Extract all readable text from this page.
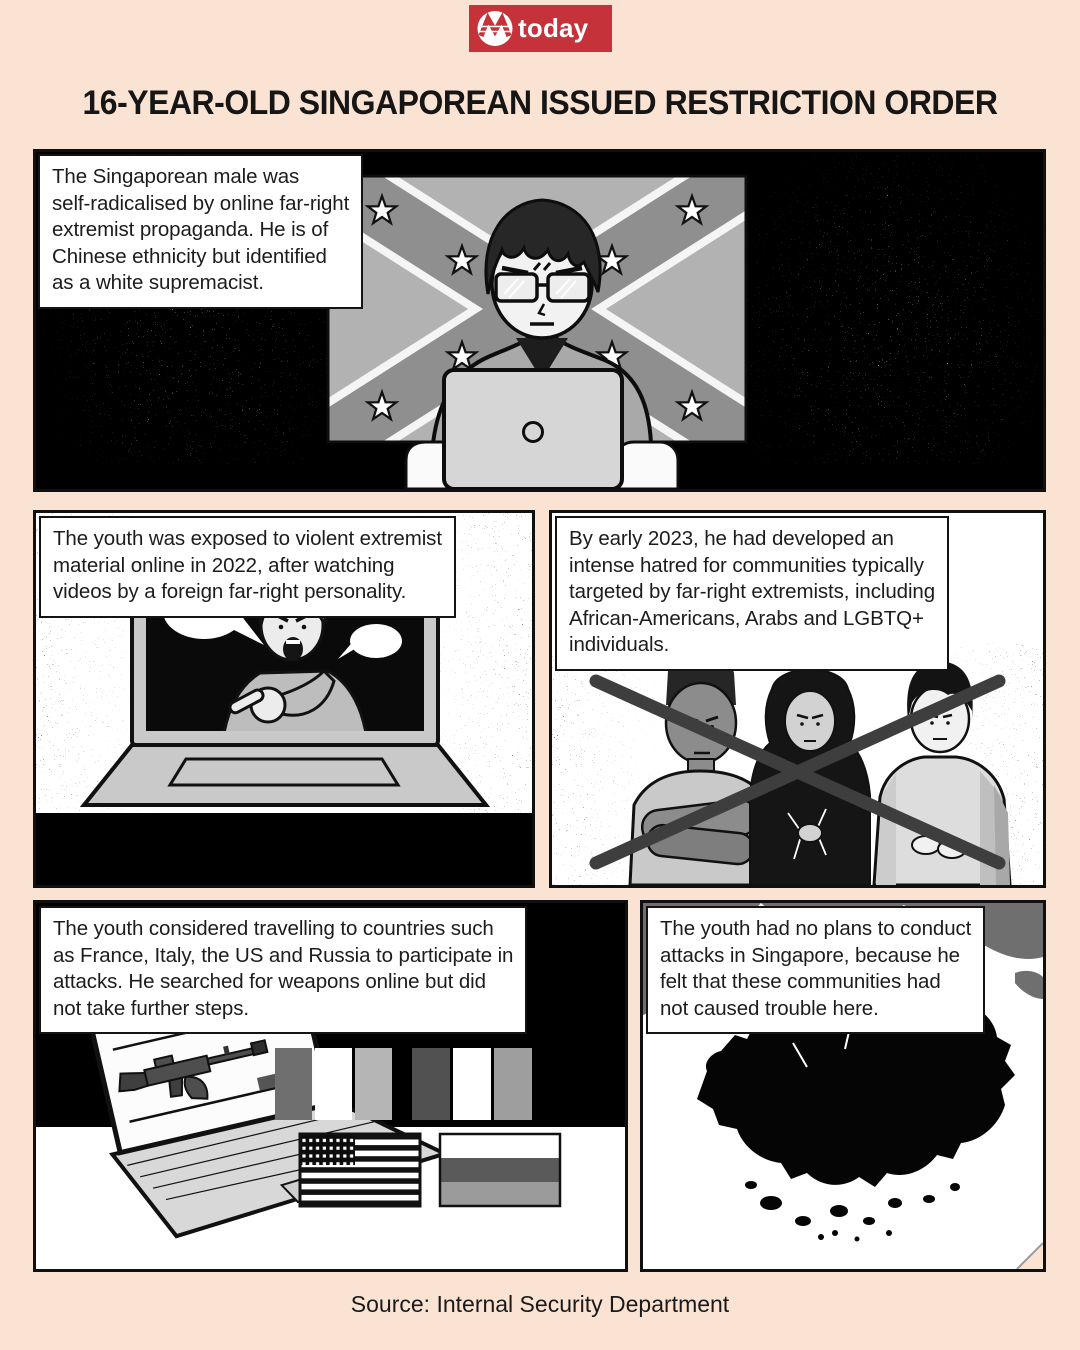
today
16-YEAR-OLD SINGAPOREAN ISSUED RESTRICTION ORDER
The Singaporean male was
self-radicalised by online far-right
extremist propaganda. He is of
Chinese ethnicity but identified
as a white supremacist.
The youth was exposed to violent extremist
material online in 2022, after watching
videos by a foreign far-right personality.
By early 2023, he had developed an
intense hatred for communities typically
targeted by far-right extremists, including
African-Americans, Arabs and LGBTQ+
individuals.
The youth considered travelling to countries such
as France, Italy, the US and Russia to participate in
attacks. He searched for weapons online but did
not take further steps.
The youth had no plans to conduct
attacks in Singapore, because he
felt that these communities had
not caused trouble here.
Source: Internal Security Department
